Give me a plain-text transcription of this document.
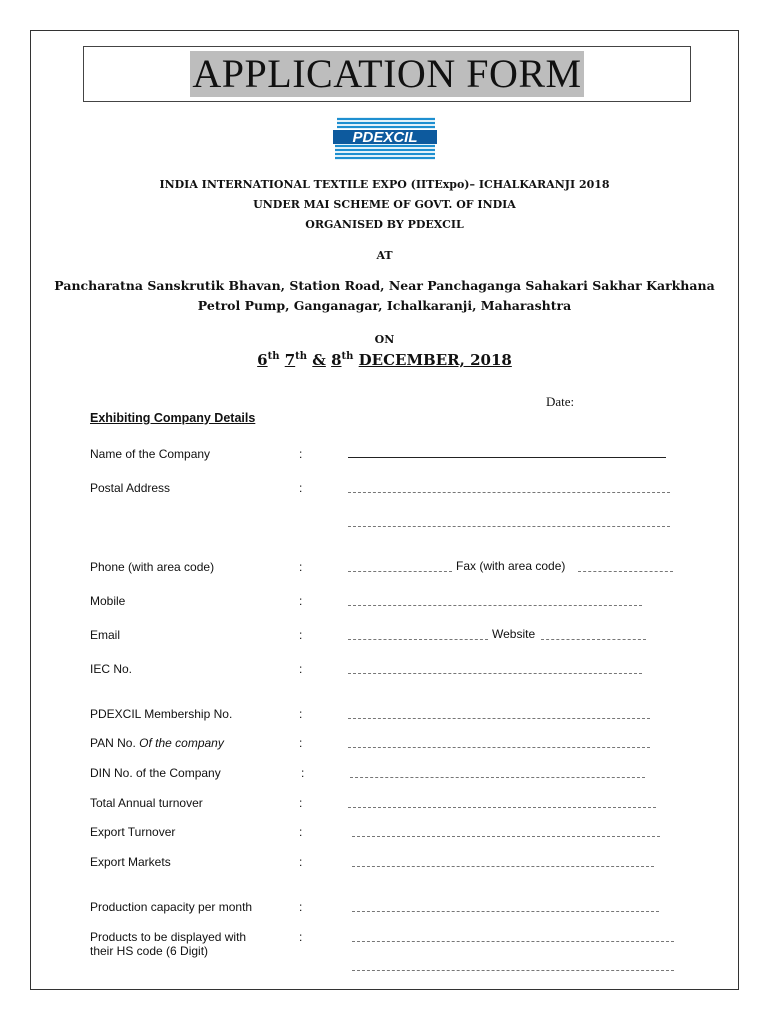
APPLICATION FORM
PDEXCIL
INDIA INTERNATIONAL TEXTILE EXPO (IITExpo)– ICHALKARANJI 2018
UNDER MAI SCHEME OF GOVT. OF INDIA
ORGANISED BY PDEXCIL
AT
Pancharatna Sanskrutik Bhavan, Station Road, Near Panchaganga Sahakari Sakhar Karkhana
Petrol Pump, Ganganagar, Ichalkaranji, Maharashtra
ON
6th 7th & 8th DECEMBER, 2018
Date:
Exhibiting Company Details
Name of the Company	:
Postal Address	:
Phone (with area code)	:	Fax (with area code)
Mobile	:
Email	:	Website
IEC No.	:
PDEXCIL Membership No.	:
PAN No. Of the company	:
DIN No. of the Company	:
Total Annual turnover	:
Export Turnover	:
Export Markets	:
Production capacity per month	:
Products to be displayed with
their HS code (6 Digit)
:
